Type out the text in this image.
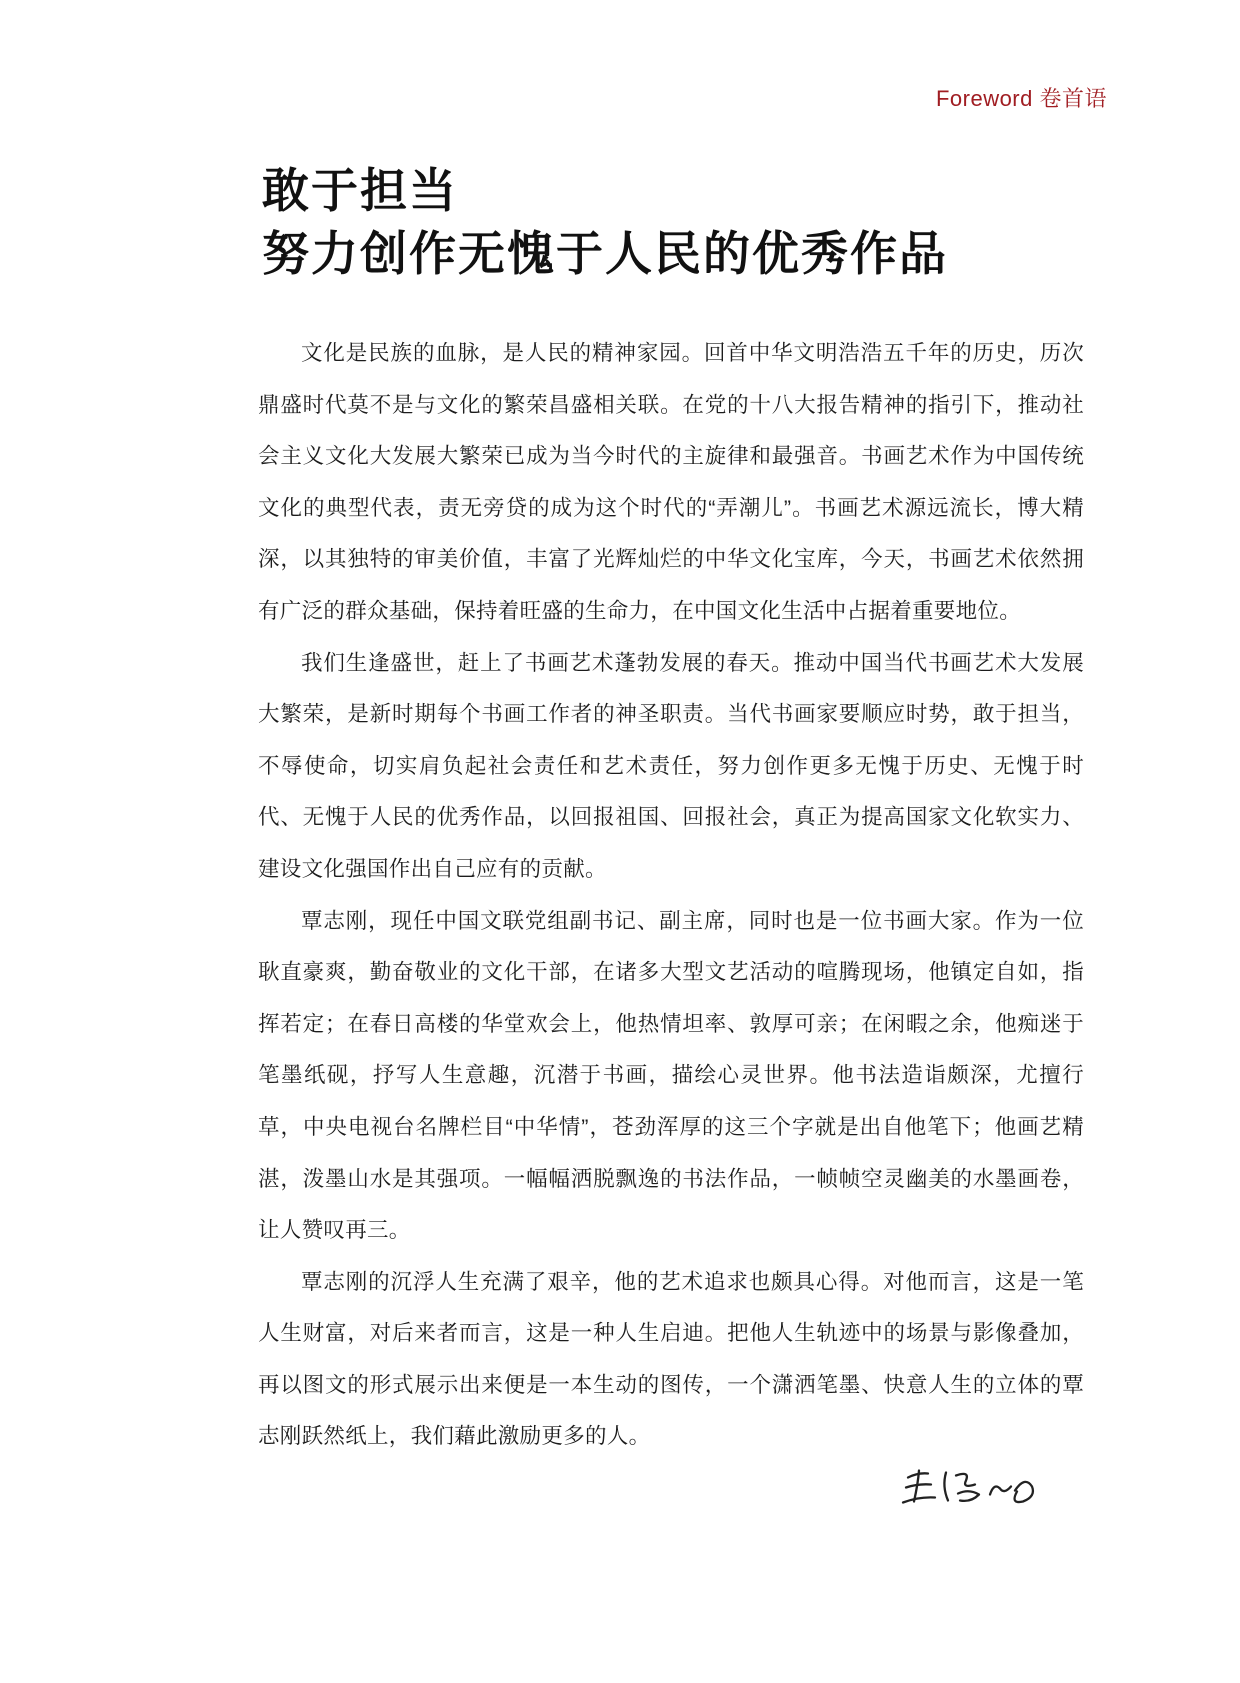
Foreword 卷首语
敢于担当
努力创作无愧于人民的优秀作品

文化是民族的血脉，是人民的精神家园。回首中华文明浩浩五千年的历史，历次鼎盛时代莫不是与文化的繁荣昌盛相关联。在党的十八大报告精神的指引下，推动社会主义文化大发展大繁荣已成为当今时代的主旋律和最强音。书画艺术作为中国传统文化的典型代表，责无旁贷的成为这个时代的“弄潮儿”。书画艺术源远流长，博大精深，以其独特的审美价值，丰富了光辉灿烂的中华文化宝库，今天，书画艺术依然拥有广泛的群众基础，保持着旺盛的生命力，在中国文化生活中占据着重要地位。

我们生逢盛世，赶上了书画艺术蓬勃发展的春天。推动中国当代书画艺术大发展大繁荣，是新时期每个书画工作者的神圣职责。当代书画家要顺应时势，敢于担当，不辱使命，切实肩负起社会责任和艺术责任，努力创作更多无愧于历史、无愧于时代、无愧于人民的优秀作品，以回报祖国、回报社会，真正为提高国家文化软实力、建设文化强国作出自己应有的贡献。

覃志刚，现任中国文联党组副书记、副主席，同时也是一位书画大家。作为一位耿直豪爽，勤奋敬业的文化干部，在诸多大型文艺活动的喧腾现场，他镇定自如，指挥若定；在春日高楼的华堂欢会上，他热情坦率、敦厚可亲；在闲暇之余，他痴迷于笔墨纸砚，抒写人生意趣，沉潜于书画，描绘心灵世界。他书法造诣颇深，尤擅行草，中央电视台名牌栏目“中华情”，苍劲浑厚的这三个字就是出自他笔下；他画艺精湛，泼墨山水是其强项。一幅幅洒脱飘逸的书法作品，一帧帧空灵幽美的水墨画卷，让人赞叹再三。

覃志刚的沉浮人生充满了艰辛，他的艺术追求也颇具心得。对他而言，这是一笔人生财富，对后来者而言，这是一种人生启迪。把他人生轨迹中的场景与影像叠加，再以图文的形式展示出来便是一本生动的图传，一个潇洒笔墨、快意人生的立体的覃志刚跃然纸上，我们藉此激励更多的人。
